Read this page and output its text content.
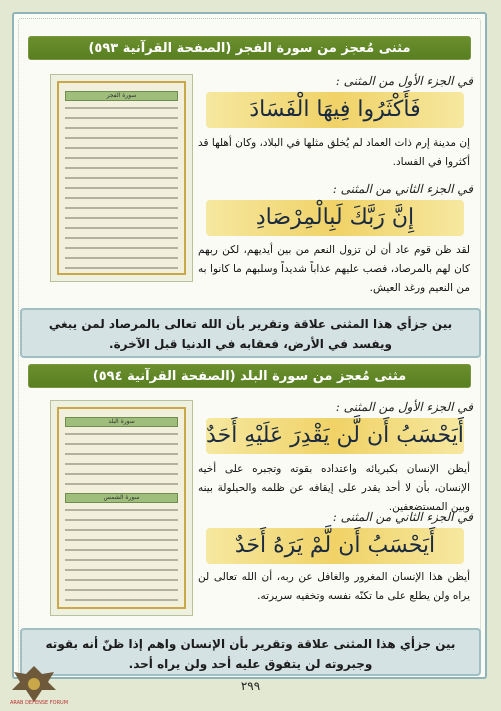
مثنى مُعجز من سورة الفجر (الصفحة القرآنية ٥٩٣)
سورة الفجر
في الجزء الأول من المثنى :
فَأَكْثَرُوا فِيهَا الْفَسَادَ
إن مدينة إرم ذات العماد لم يُخلق مثلها في البلاد، وكان أهلها قد أكثروا في الفساد.
في الجزء الثاني من المثنى :
إِنَّ رَبَّكَ لَبِالْمِرْصَادِ
لقد ظن قوم عاد أن لن تزول النعم من بين أيديهم، لكن ربهم كان لهم بالمرصاد، فصب عليهم عذاباً شديداً وسلبهم ما كانوا به من النعيم ورغد العيش.
بين جزأي هذا المثنى علاقة وتقرير بأن الله تعالى بالمرصاد لمن يبغي ويفسد في الأرض، فعقابه في الدنيا قبل الآخرة.
مثنى مُعجز من سورة البلد (الصفحة القرآنية ٥٩٤)
سورة البلد
سورة الشمس
في الجزء الأول من المثنى :
أَيَحْسَبُ أَن لَّن يَقْدِرَ عَلَيْهِ أَحَدٌ
أيظن الإنسان بكبريائه واعتداده بقوته وتجبره على أخيه الإنسان، بأن لا أحد يقدر على إيقافه عن ظلمه والحيلولة بينه وبين المستضعفين.
في الجزء الثاني من المثنى :
أَيَحْسَبُ أَن لَّمْ يَرَهُ أَحَدٌ
أيظن هذا الإنسان المغرور والغافل عن ربه، أن الله تعالى لن يراه ولن يطلع على ما تكنّه نفسه وتخفيه سريرته.
بين جزأي هذا المثنى علاقة وتقرير بأن الإنسان واهم إذا ظنّ أنه بقوته وجبروته لن يتفوق عليه أحد ولن يراه أحد.
٢٩٩
ARAB DEFENSE FORUM
